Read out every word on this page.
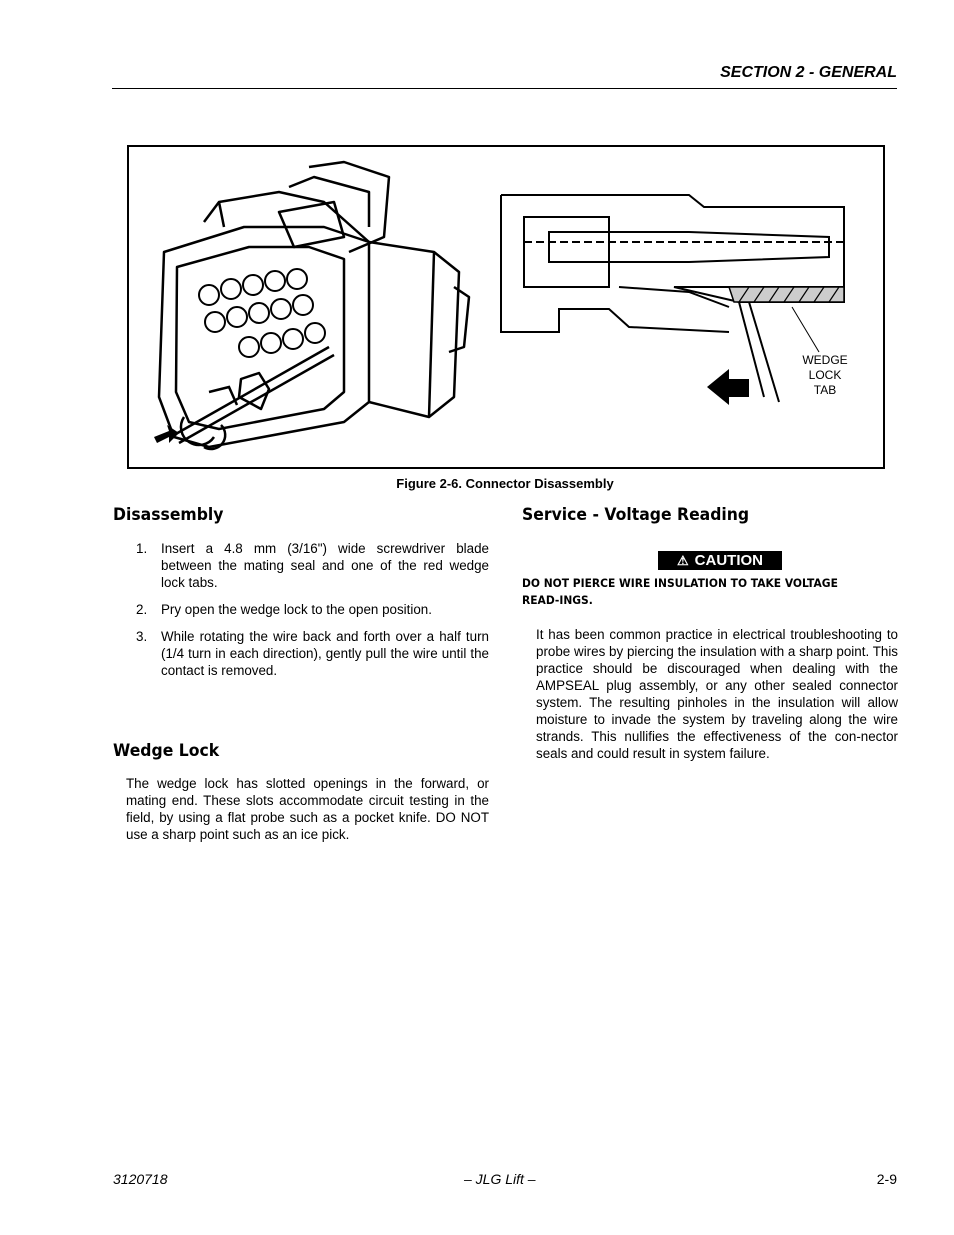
SECTION 2 - GENERAL
WEDGE
LOCK
TAB
Figure 2-6. Connector Disassembly
Disassembly
1. Insert a 4.8 mm (3/16") wide screwdriver blade between the mating seal and one of the red wedge lock tabs.
2. Pry open the wedge lock to the open position.
3. While rotating the wire back and forth over a half turn (1/4 turn in each direction), gently pull the wire until the contact is removed.
Wedge Lock
The wedge lock has slotted openings in the forward, or mating end. These slots accommodate circuit testing in the field, by using a flat probe such as a pocket knife. DO NOT use a sharp point such as an ice pick.
Service - Voltage Reading
⚠ CAUTION
DO NOT PIERCE WIRE INSULATION TO TAKE VOLTAGE READ-INGS.
It has been common practice in electrical troubleshooting to probe wires by piercing the insulation with a sharp point. This practice should be discouraged when dealing with the AMPSEAL plug assembly, or any other sealed connector system. The resulting pinholes in the insulation will allow moisture to invade the system by traveling along the wire strands. This nullifies the effectiveness of the con-nector seals and could result in system failure.
3120718	– JLG Lift –	2-9
